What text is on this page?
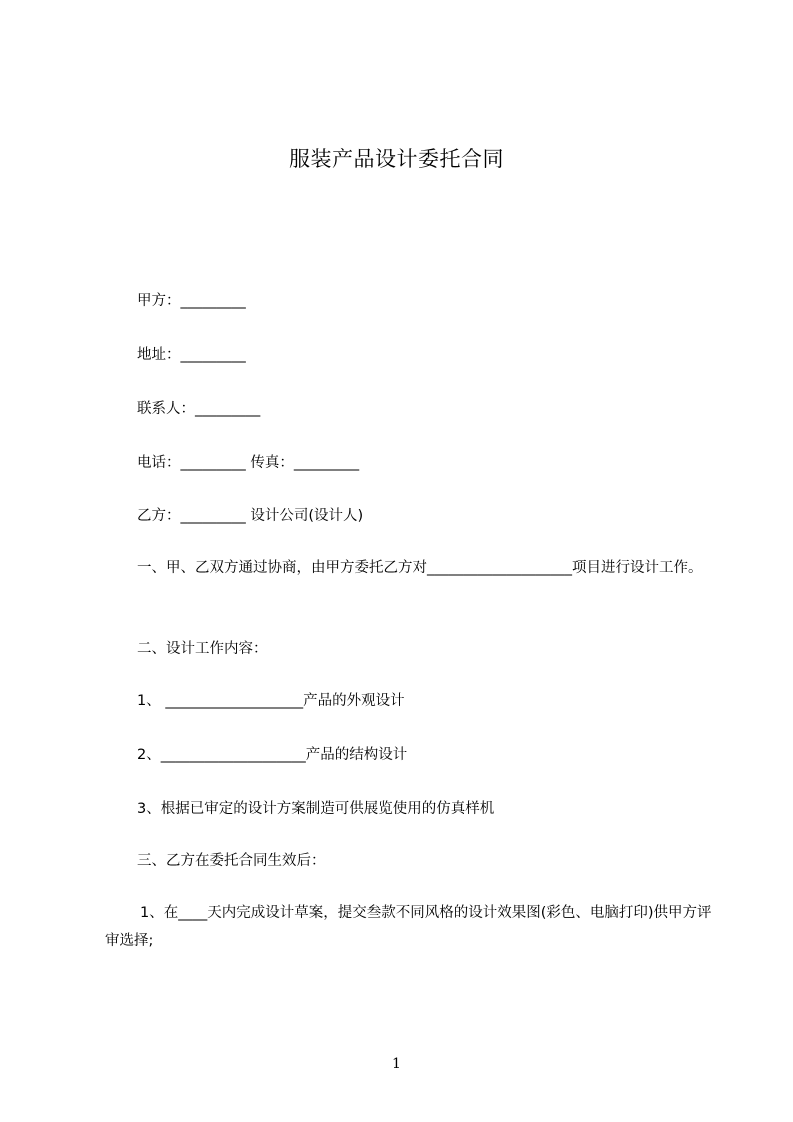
服装产品设计委托合同
甲方：_________
地址：_________
联系人：_________
电话：_________ 传真：_________
乙方：_________ 设计公司(设计人)
一、甲、乙双方通过协商，由甲方委托乙方对____________________项目进行设计工作。
二、设计工作内容：
1、 ___________________产品的外观设计
2、____________________产品的结构设计
3、根据已审定的设计方案制造可供展览使用的仿真样机
三、乙方在委托合同生效后：
1、在____天内完成设计草案，提交叁款不同风格的设计效果图(彩色、电脑打印)供甲方评审选择;
1
